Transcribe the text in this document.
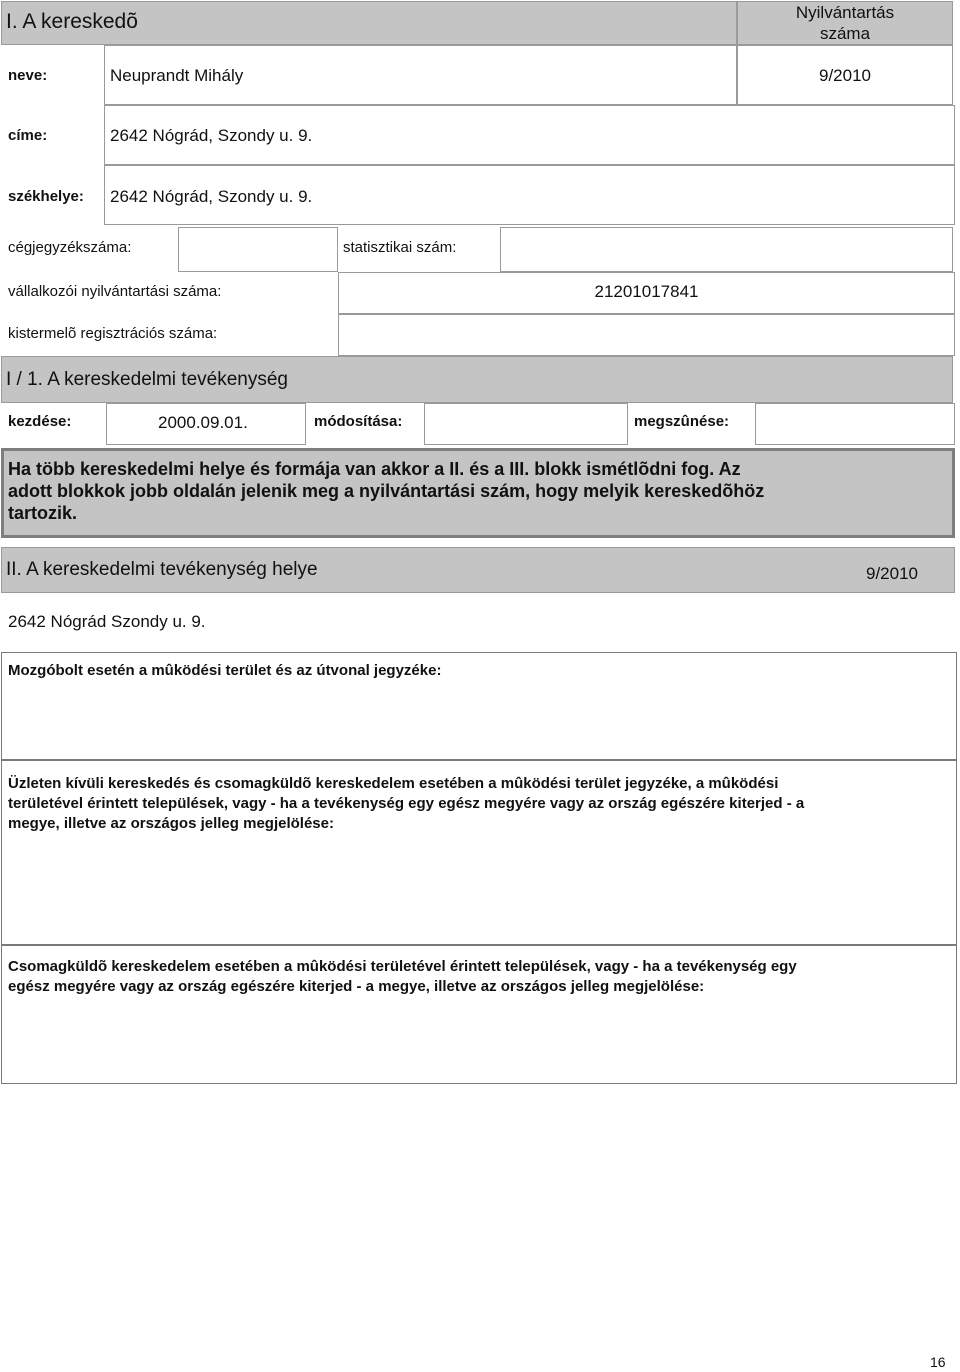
I. A kereskedõ	Nyilvántartás
száma
neve:	Neuprandt Mihály	9/2010
címe:	2642 Nógrád, Szondy u. 9.
székhelye: 2642 Nógrád, Szondy u. 9.
cégjegyzékszáma:	statisztikai szám:
vállalkozói nyilvántartási száma:	21201017841
kistermelõ regisztrációs száma:
I / 1. A kereskedelmi tevékenység
kezdése:	2000.09.01.	módosítása:	megszûnése:
Ha több kereskedelmi helye és formája van akkor a II. és a III. blokk ismétlõdni fog. Az
adott blokkok jobb oldalán jelenik meg a nyilvántartási szám, hogy melyik kereskedõhöz
tartozik.
II. A kereskedelmi tevékenység helye	9/2010
2642 Nógrád Szondy u. 9.
Mozgóbolt esetén a mûködési terület és az útvonal jegyzéke:
Üzleten kívüli kereskedés és csomagküldõ kereskedelem esetében a mûködési terület jegyzéke, a mûködési
területével érintett települések, vagy - ha a tevékenység egy egész megyére vagy az ország egészére kiterjed - a
megye, illetve az országos jelleg megjelölése:
Csomagküldõ kereskedelem esetében a mûködési területével érintett települések, vagy - ha a tevékenység egy
egész megyére vagy az ország egészére kiterjed - a megye, illetve az országos jelleg megjelölése:
16
